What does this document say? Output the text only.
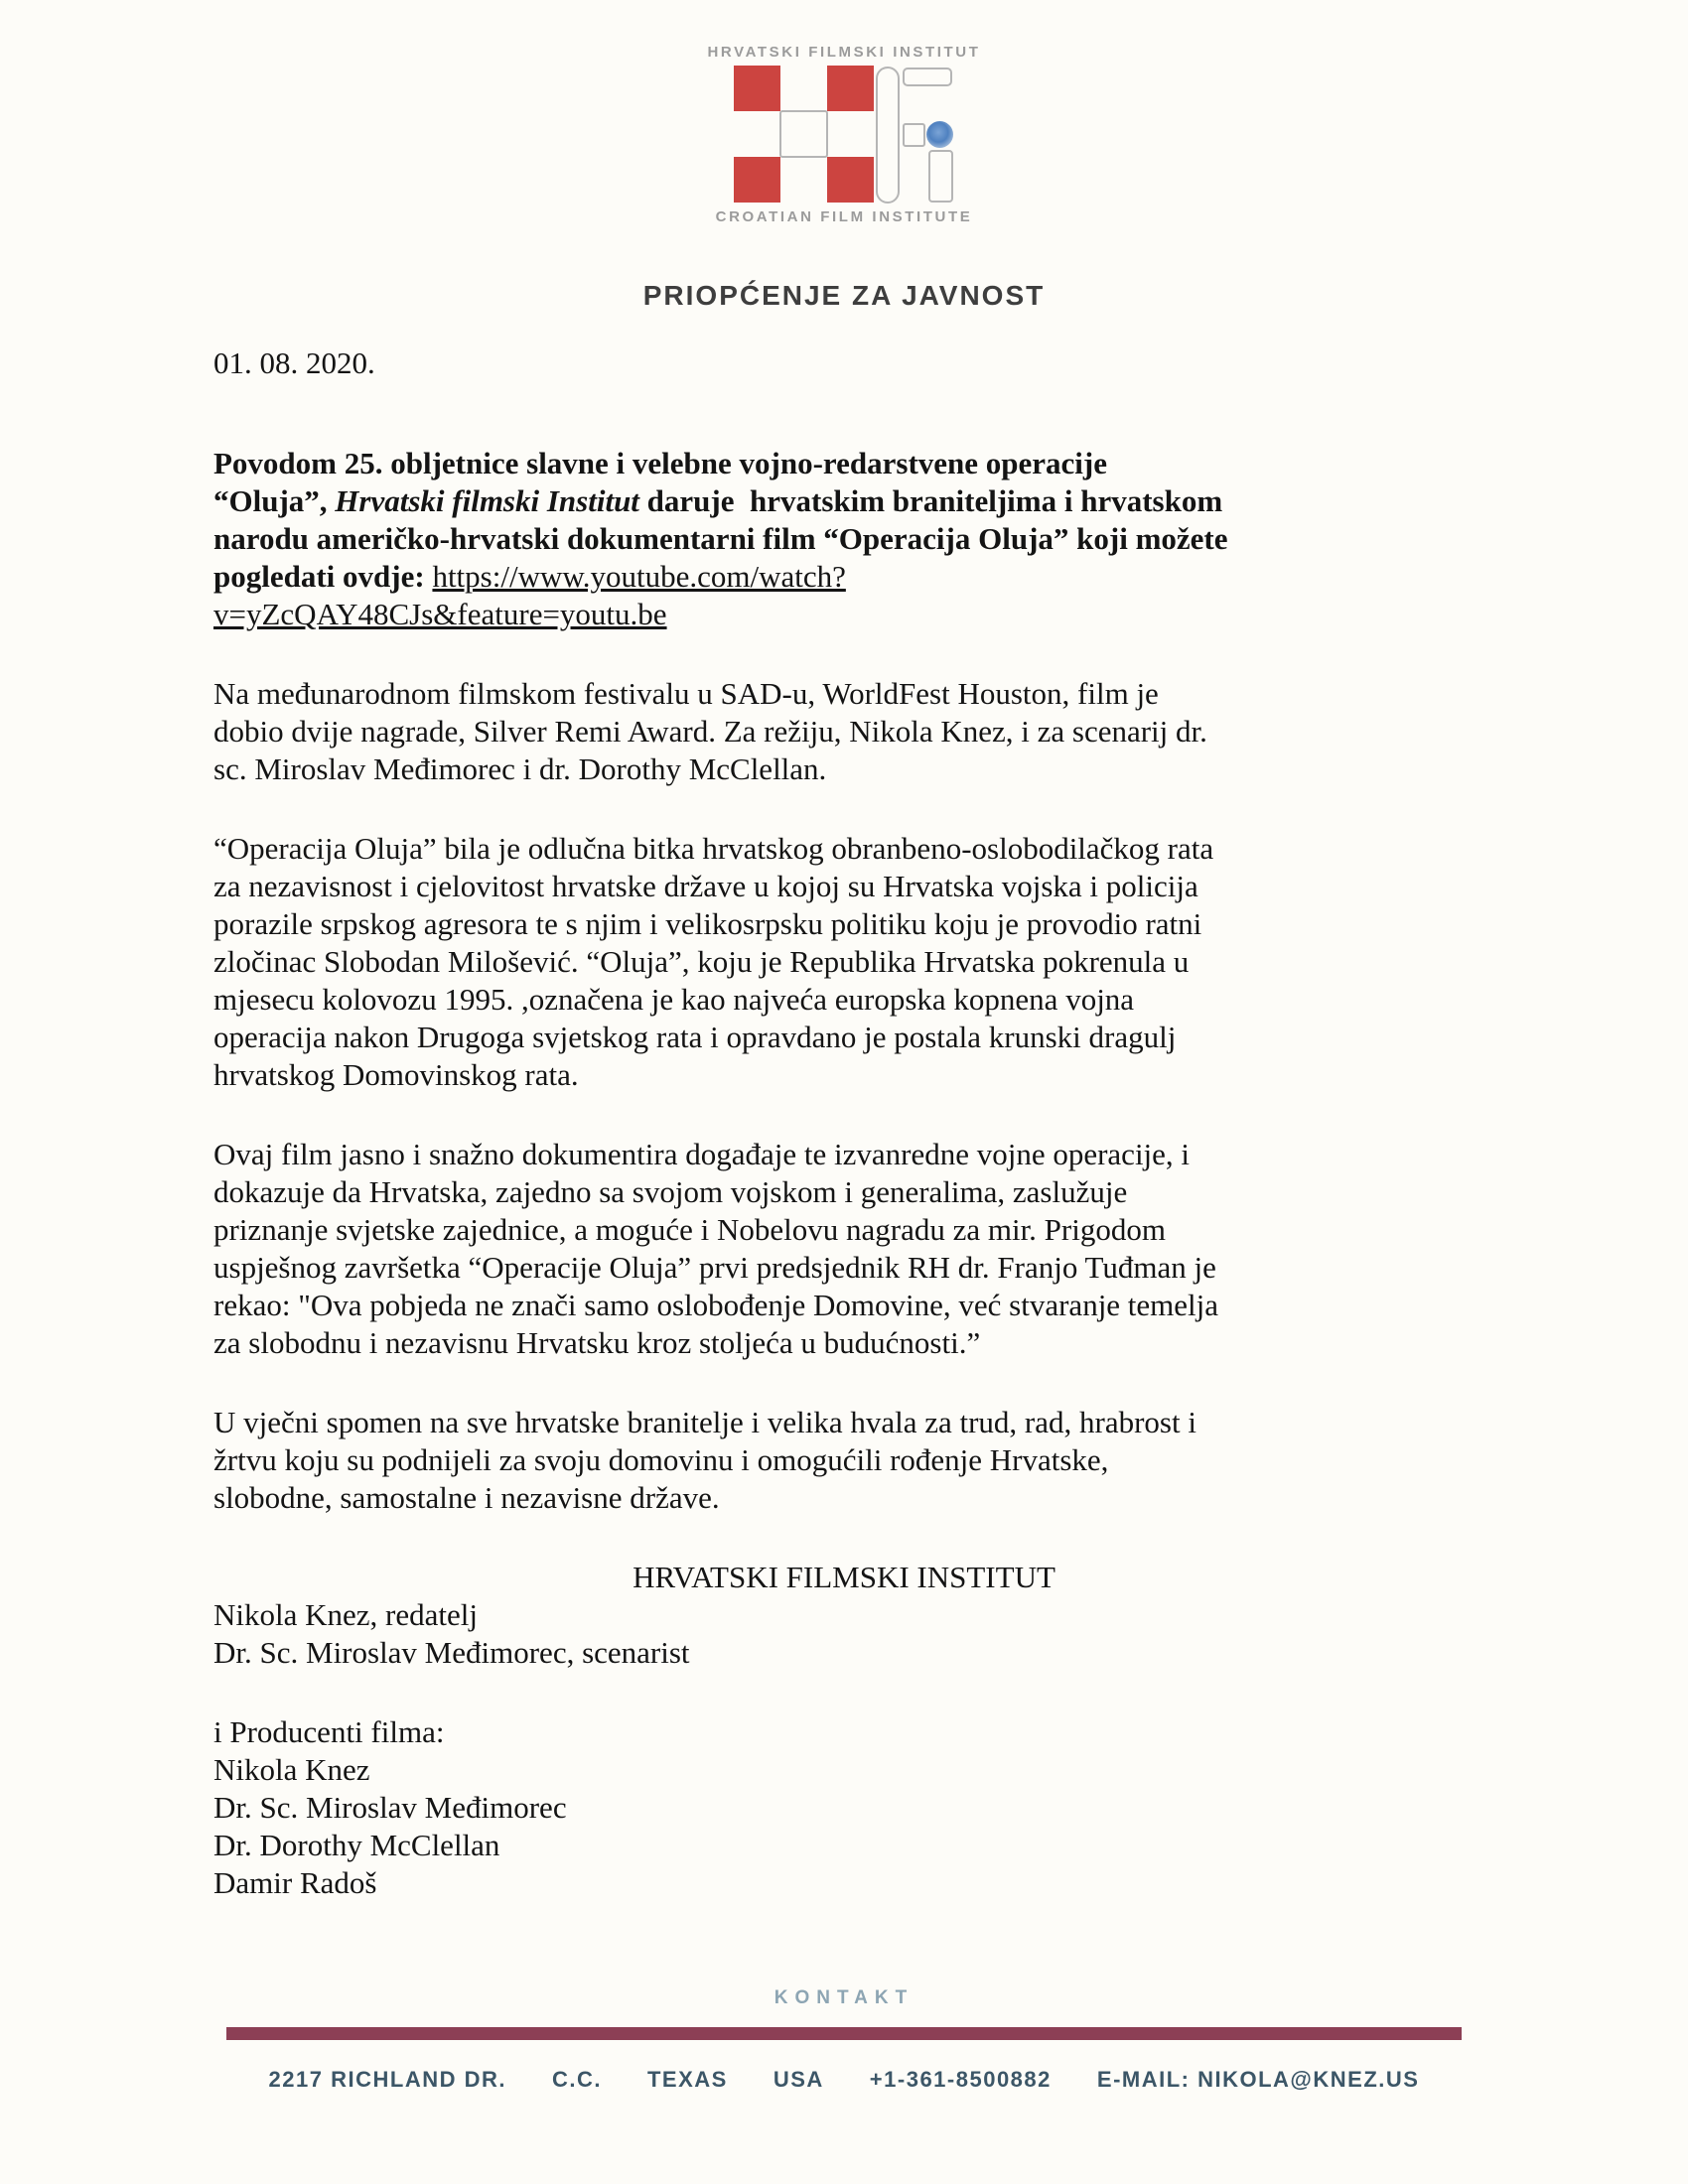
HRVATSKI FILMSKI INSTITUT
CROATIAN FILM INSTITUTE
PRIOPĆENJE ZA JAVNOST
01. 08. 2020.
Povodom 25. obljetnice slavne i velebne vojno-redarstvene operacije
“Oluja”, Hrvatski filmski Institut daruje  hrvatskim braniteljima i hrvatskom
narodu američko-hrvatski dokumentarni film “Operacija Oluja” koji možete
pogledati ovdje: https://www.youtube.com/watch?
v=yZcQAY48CJs&feature=youtu.be
Na međunarodnom filmskom festivalu u SAD-u, WorldFest Houston, film je
dobio dvije nagrade, Silver Remi Award. Za režiju, Nikola Knez, i za scenarij dr.
sc. Miroslav Međimorec i dr. Dorothy McClellan.
“Operacija Oluja” bila je odlučna bitka hrvatskog obranbeno-oslobodilačkog rata
za nezavisnost i cjelovitost hrvatske države u kojoj su Hrvatska vojska i policija
porazile srpskog agresora te s njim i velikosrpsku politiku koju je provodio ratni
zločinac Slobodan Milošević. “Oluja”, koju je Republika Hrvatska pokrenula u
mjesecu kolovozu 1995. ,označena je kao najveća europska kopnena vojna
operacija nakon Drugoga svjetskog rata i opravdano je postala krunski dragulj
hrvatskog Domovinskog rata.
Ovaj film jasno i snažno dokumentira događaje te izvanredne vojne operacije, i
dokazuje da Hrvatska, zajedno sa svojom vojskom i generalima, zaslužuje
priznanje svjetske zajednice, a moguće i Nobelovu nagradu za mir. Prigodom
uspješnog završetka “Operacije Oluja” prvi predsjednik RH dr. Franjo Tuđman je
rekao: "Ova pobjeda ne znači samo oslobođenje Domovine, već stvaranje temelja
za slobodnu i nezavisnu Hrvatsku kroz stoljeća u budućnosti.”
U vječni spomen na sve hrvatske branitelje i velika hvala za trud, rad, hrabrost i
žrtvu koju su podnijeli za svoju domovinu i omogućili rođenje Hrvatske,
slobodne, samostalne i nezavisne države.
HRVATSKI FILMSKI INSTITUT
Nikola Knez, redatelj
Dr. Sc. Miroslav Međimorec, scenarist
i Producenti filma:
Nikola Knez
Dr. Sc. Miroslav Međimorec
Dr. Dorothy McClellan
Damir Radoš
KONTAKT
2217 RICHLAND DR. C.C. TEXAS USA +1-361-8500882 E-MAIL: NIKOLA@KNEZ.US
